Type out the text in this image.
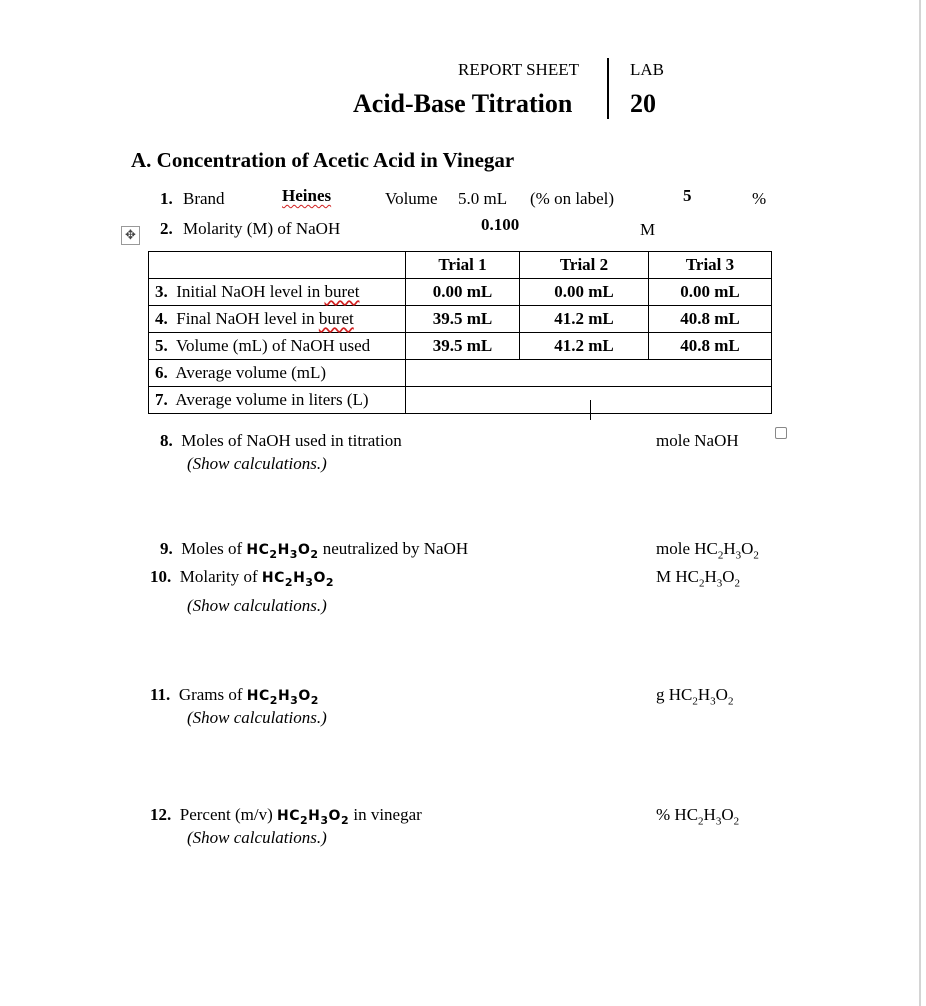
REPORT SHEET	LAB
Acid-Base Titration 20
A. Concentration of Acetic Acid in Vinegar
1. Brand	Heines	Volume 5.0 mL (% on label)	5	%
✥ 2. Molarity (M) of NaOH	0.100	M
	Trial 1	Trial 2	Trial 3
3. Initial NaOH level in buret	0.00 mL	0.00 mL	0.00 mL
4. Final NaOH level in buret	39.5 mL	41.2 mL	40.8 mL
5. Volume (mL) of NaOH used	39.5 mL	41.2 mL	40.8 mL
6. Average volume (mL)			
7. Average volume in liters (L)			
8. Moles of NaOH used in titration
(Show calculations.)
mole NaOH
9. Moles of $HC_2H_3O_2$ neutralized by NaOH	mole $HC_2H_3O_2$
10. Molarity of $HC_2H_3O_2$
(Show calculations.)
M $HC_2H_3O_2$
11. Grams of $HC_2H_3O_2$
(Show calculations.)
g $HC_2H_3O_2$
12. Percent (m/v) $HC_2H_3O_2$ in vinegar
(Show calculations.)
% $HC_2H_3O_2$
